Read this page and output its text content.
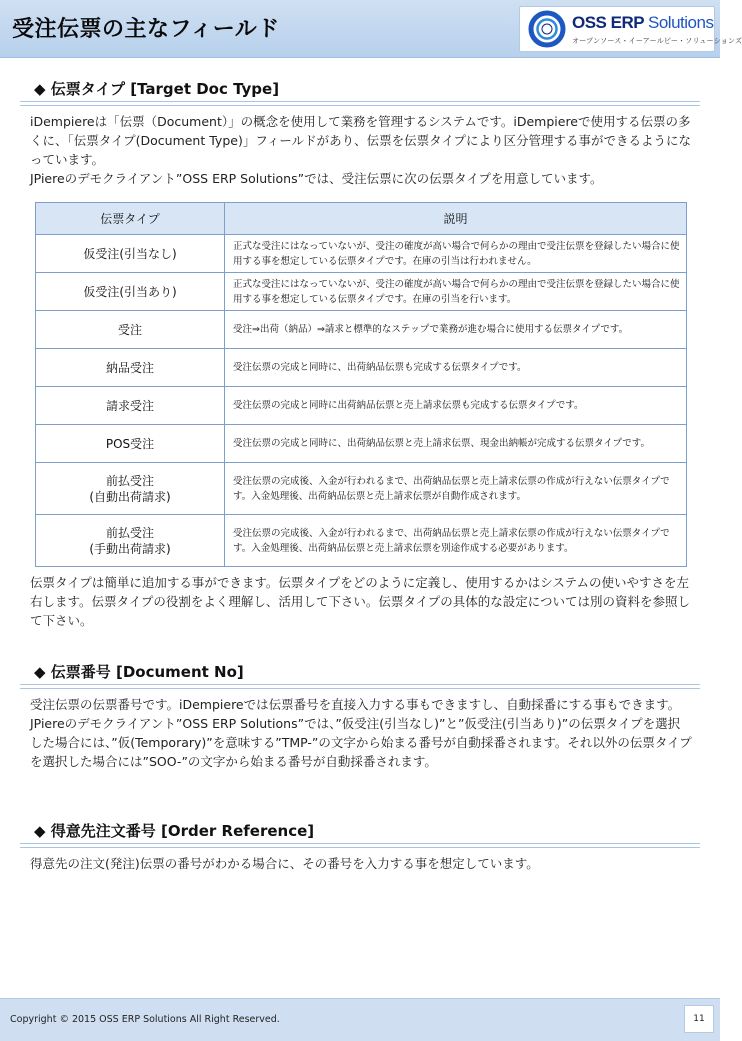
受注伝票の主なフィールド	OSS ERP Solutions
オープンソース・イーアールピー・ソリューションズ
◆ 伝票タイプ [Target Doc Type]

iDempiereは「伝票（Document）」の概念を使用して業務を管理するシステムです。iDempiereで使用する伝票の多くに、「伝票タイプ(Document Type)」フィールドがあり、伝票を伝票タイプにより区分管理する事ができるようになっています。

JPiereのデモクライアント”OSS ERP Solutions”では、受注伝票に次の伝票タイプを用意しています。

伝票タイプ	説明
仮受注(引当なし)	正式な受注にはなっていないが、受注の確度が高い場合で何らかの理由で受注伝票を登録したい場合に使用する事を想定している伝票タイプです。在庫の引当は行われません。
仮受注(引当あり)	正式な受注にはなっていないが、受注の確度が高い場合で何らかの理由で受注伝票を登録したい場合に使用する事を想定している伝票タイプです。在庫の引当を行います。
受注	受注⇒出荷（納品）⇒請求と標準的なステップで業務が進む場合に使用する伝票タイプです。
納品受注	受注伝票の完成と同時に、出荷納品伝票も完成する伝票タイプです。
請求受注	受注伝票の完成と同時に出荷納品伝票と売上請求伝票も完成する伝票タイプです。
POS受注	受注伝票の完成と同時に、出荷納品伝票と売上請求伝票、現金出納帳が完成する伝票タイプです。
前払受注
(自動出荷請求)	受注伝票の完成後、入金が行われるまで、出荷納品伝票と売上請求伝票の作成が行えない伝票タイプです。入金処理後、出荷納品伝票と売上請求伝票が自動作成されます。
前払受注
(手動出荷請求)	受注伝票の完成後、入金が行われるまで、出荷納品伝票と売上請求伝票の作成が行えない伝票タイプです。入金処理後、出荷納品伝票と売上請求伝票を別途作成する必要があります。

伝票タイプは簡単に追加する事ができます。伝票タイプをどのように定義し、使用するかはシステムの使いやすさを左右します。伝票タイプの役割をよく理解し、活用して下さい。伝票タイプの具体的な設定については別の資料を参照して下さい。

◆ 伝票番号 [Document No]

受注伝票の伝票番号です。iDempiereでは伝票番号を直接入力する事もできますし、自動採番にする事もできます。

JPiereのデモクライアント”OSS ERP Solutions”では、”仮受注(引当なし)”と”仮受注(引当あり)”の伝票タイプを選択した場合には、”仮(Temporary)”を意味する”TMP-”の文字から始まる番号が自動採番されます。それ以外の伝票タイプを選択した場合には”SOO-”の文字から始まる番号が自動採番されます。

◆ 得意先注文番号 [Order Reference]

得意先の注文(発注)伝票の番号がわかる場合に、その番号を入力する事を想定しています。

Copyright © 2015 OSS ERP Solutions All Right Reserved.	11
